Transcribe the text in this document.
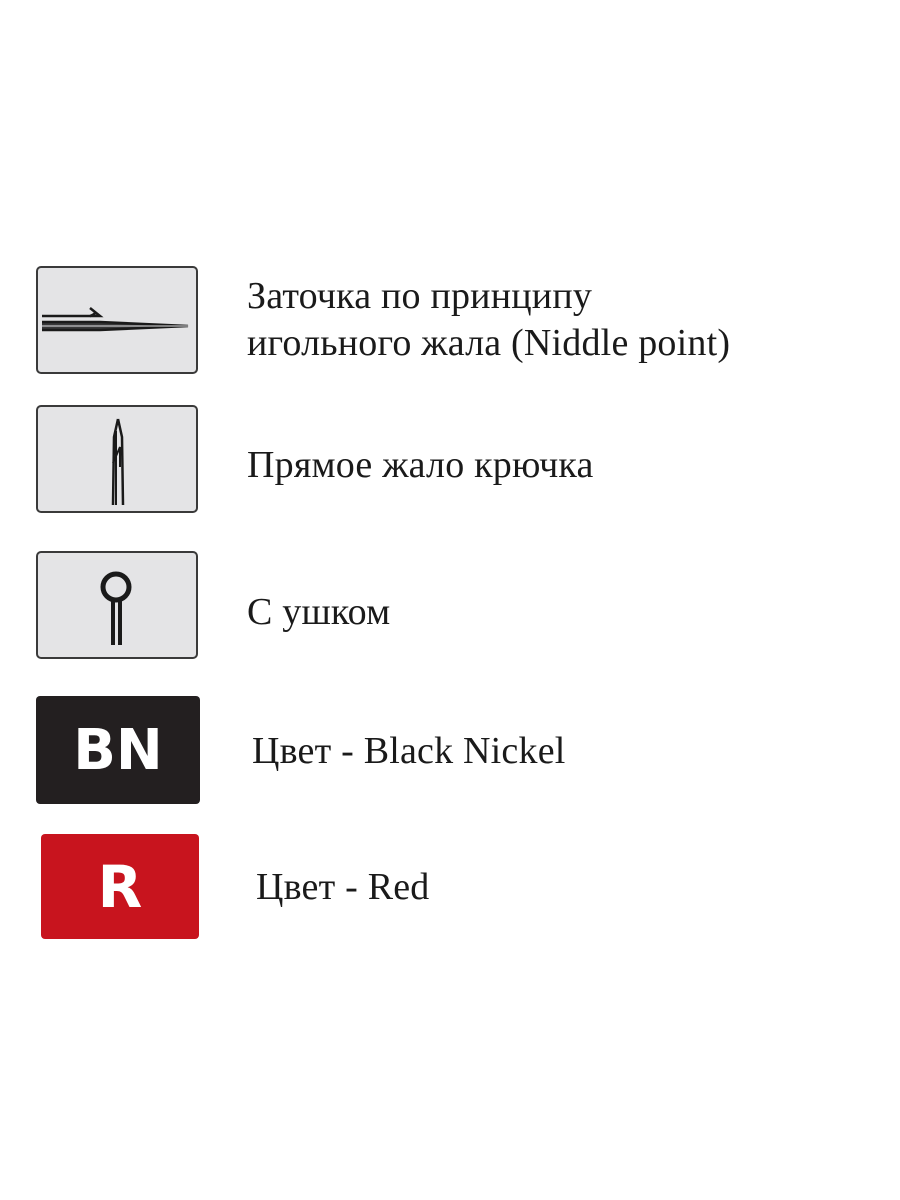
Заточка по принципу
игольного жала (Niddle point)
Прямое жало крючка
С ушком
BN Цвет - Black Nickel
R	Цвет - Red
